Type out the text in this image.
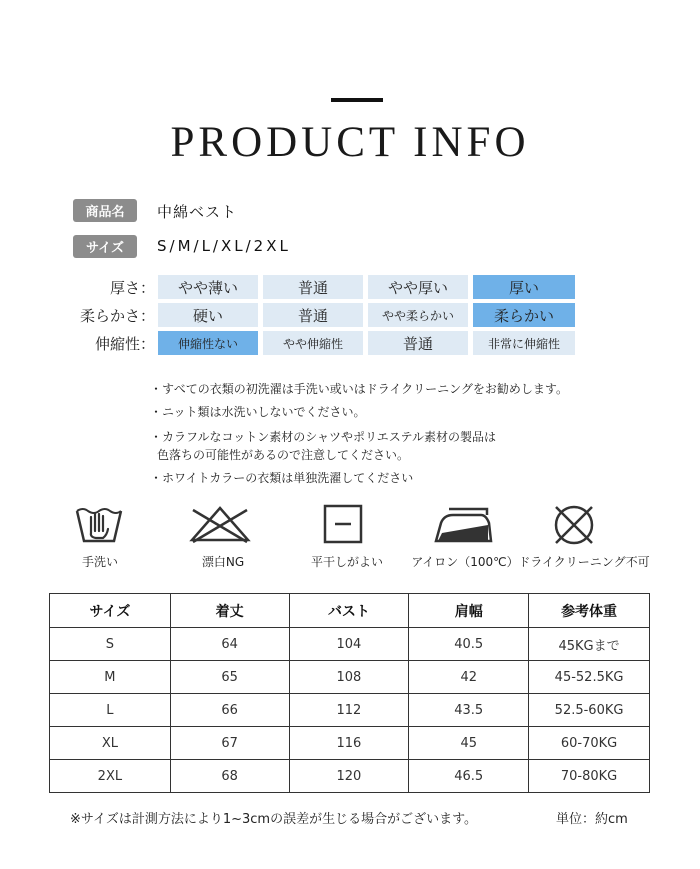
PRODUCT INFO
商品名	中綿ベスト
サイズ	S/M/L/XL/2XL
厚さ：	やや薄い	普通	やや厚い	厚い
柔らかさ：	硬い	普通	やや柔らかい	柔らかい
伸縮性：	伸縮性ない	やや伸縮性	普通	非常に伸縮性
・すべての衣類の初洗濯は手洗い或いはドライクリーニングをお勧めします。
・ニット類は水洗いしないでください。
・カラフルなコットン素材のシャツやポリエステル素材の製品は
色落ちの可能性があるので注意してください。
・ホワイトカラーの衣類は単独洗濯してください
手洗い	漂白NG	平干しがよい	アイロン（100℃） ドライクリーニング不可
サイズ	着丈	バスト	肩幅	参考体重
S	64	104	40.5	45KGまで
M	65	108	42	45-52.5KG
L	66	112	43.5	52.5-60KG
XL	67	116	45	60-70KG
2XL	68	120	46.5	70-80KG
※サイズは計測方法により1~3cmの誤差が生じる場合がございます。	単位：約cm
